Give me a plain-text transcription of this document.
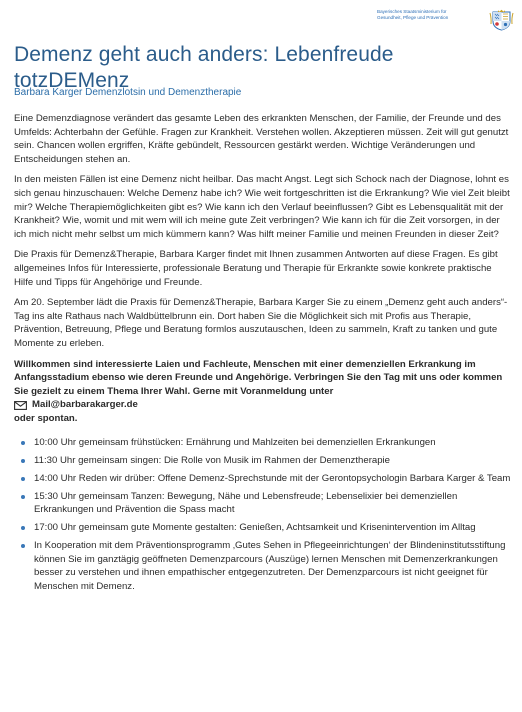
Bayerisches Staatsministerium für
Gesundheit, Pflege und Prävention
Demenz geht auch anders: Lebenfreude totzDEMenz
Barbara Karger Demenzlotsin und Demenztherapie

Eine Demenzdiagnose verändert das gesamte Leben des erkrankten Menschen, der Familie, der Freunde und des Umfelds: Achterbahn der Gefühle. Fragen zur Krankheit. Verstehen wollen. Akzeptieren müssen. Zeit will gut genutzt sein. Chancen wollen ergriffen, Kräfte gebündelt, Ressourcen gestärkt werden. Wichtige Veränderungen und Entscheidungen stehen an.

In den meisten Fällen ist eine Demenz nicht heilbar. Das macht Angst. Legt sich Schock nach der Diagnose, lohnt es sich genau hinzuschauen: Welche Demenz habe ich? Wie weit fortgeschritten ist die Erkrankung? Wie viel Zeit bleibt mir? Welche Therapiemöglichkeiten gibt es? Wie kann ich den Verlauf beeinflussen? Gibt es Lebensqualität mit der Krankheit? Wie, womit und mit wem will ich meine gute Zeit verbringen? Wie kann ich für die Zeit vorsorgen, in der ich mich nicht mehr selbst um mich kümmern kann? Was hilft meiner Familie und meinen Freunden in dieser Zeit?

Die Praxis für Demenz&Therapie, Barbara Karger findet mit Ihnen zusammen Antworten auf diese Fragen. Es gibt allgemeines Infos für Interessierte, professionale Beratung und Therapie für Erkrankte sowie konkrete praktische Hilfe und Tipps für Angehörige und Freunde.

Am 20. September lädt die Praxis für Demenz&Therapie, Barbara Karger Sie zu einem „Demenz geht auch anders“-Tag ins alte Rathaus nach Waldbüttelbrunn ein. Dort haben Sie die Möglichkeit sich mit Profis aus Therapie, Prävention, Betreuung, Pflege und Beratung formlos auszutauschen, Ideen zu sammeln, Kraft zu tanken und gute Momente zu erleben.

Willkommen sind interessierte Laien und Fachleute, Menschen mit einer demenziellen Erkrankung im Anfangsstadium ebenso wie deren Freunde und Angehörige. Verbringen Sie den Tag mit uns oder kommen Sie gezielt zu einem Thema Ihrer Wahl. Gerne mit Voranmeldung unter
Mail@barbarakarger.de
oder spontan.
10:00 Uhr gemeinsam frühstücken: Ernährung und Mahlzeiten bei demenziellen Erkrankungen
11:30 Uhr gemeinsam singen: Die Rolle von Musik im Rahmen der Demenztherapie
14:00 Uhr Reden wir drüber: Offene Demenz-Sprechstunde mit der Gerontopsychologin Barbara Karger & Team
15:30 Uhr gemeinsam Tanzen: Bewegung, Nähe und Lebensfreude; Lebenselixier bei demenziellen Erkrankungen und Prävention die Spass macht
17:00 Uhr gemeinsam gute Momente gestalten: Genießen, Achtsamkeit und Kriseninterventiоn im Alltag
In Kooperation mit dem Präventionsprogramm ‚Gutes Sehen in Pflegeeinrichtungen‘ der Blindeninstitutsstiftung können Sie im ganztägig geöffneten Demenzparcours (Auszüge) lernen Menschen mit Demenzerkrankungen besser zu verstehen und ihnen empathischer entgegenzutreten. Der Demenzparcours ist nicht geeignet für Menschen mit Demenz.
